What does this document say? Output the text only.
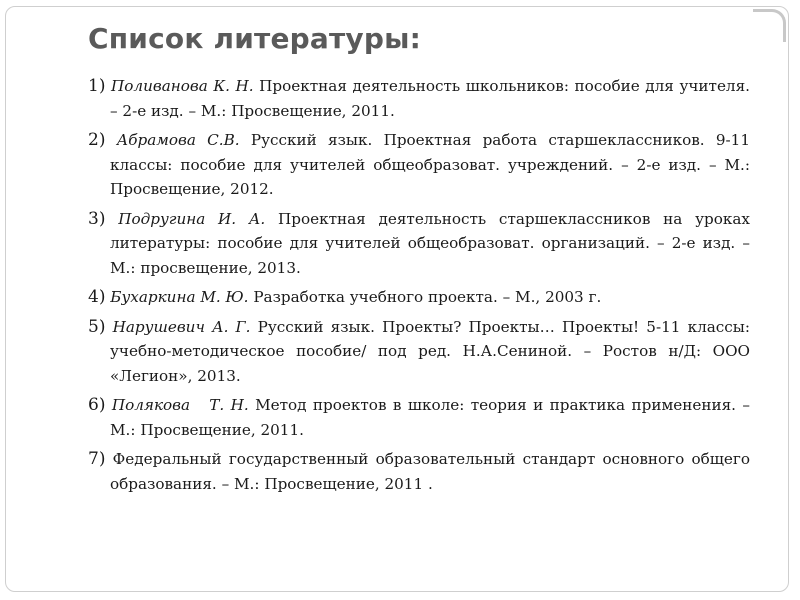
Список литературы:
1) Поливанова К. Н. Проектная деятельность школьников: пособие для учителя. – 2-е изд. – М.: Просвещение, 2011.
2) Абрамова С.В. Русский язык. Проектная работа старшеклассников. 9-11 классы: пособие для учителей общеобразоват. учреждений. – 2-е изд. – М.: Просвещение, 2012.
3) Подругина И. А. Проектная деятельность старшеклассников на уроках литературы: пособие для учителей общеобразоват. организаций. – 2-е изд. – М.: просвещение, 2013.
4) Бухаркина М. Ю. Разработка учебного проекта. – М., 2003 г.
5) Нарушевич А. Г. Русский язык. Проекты? Проекты… Проекты! 5-11 классы: учебно-методическое пособие/ под ред. Н.А.Сениной. – Ростов н/Д: ООО «Легион», 2013.
6) Полякова   Т. Н. Метод проектов в школе: теория и практика применения. – М.: Просвещение, 2011.
7) Федеральный государственный образовательный стандарт основного общего образования. – М.: Просвещение, 2011 .
